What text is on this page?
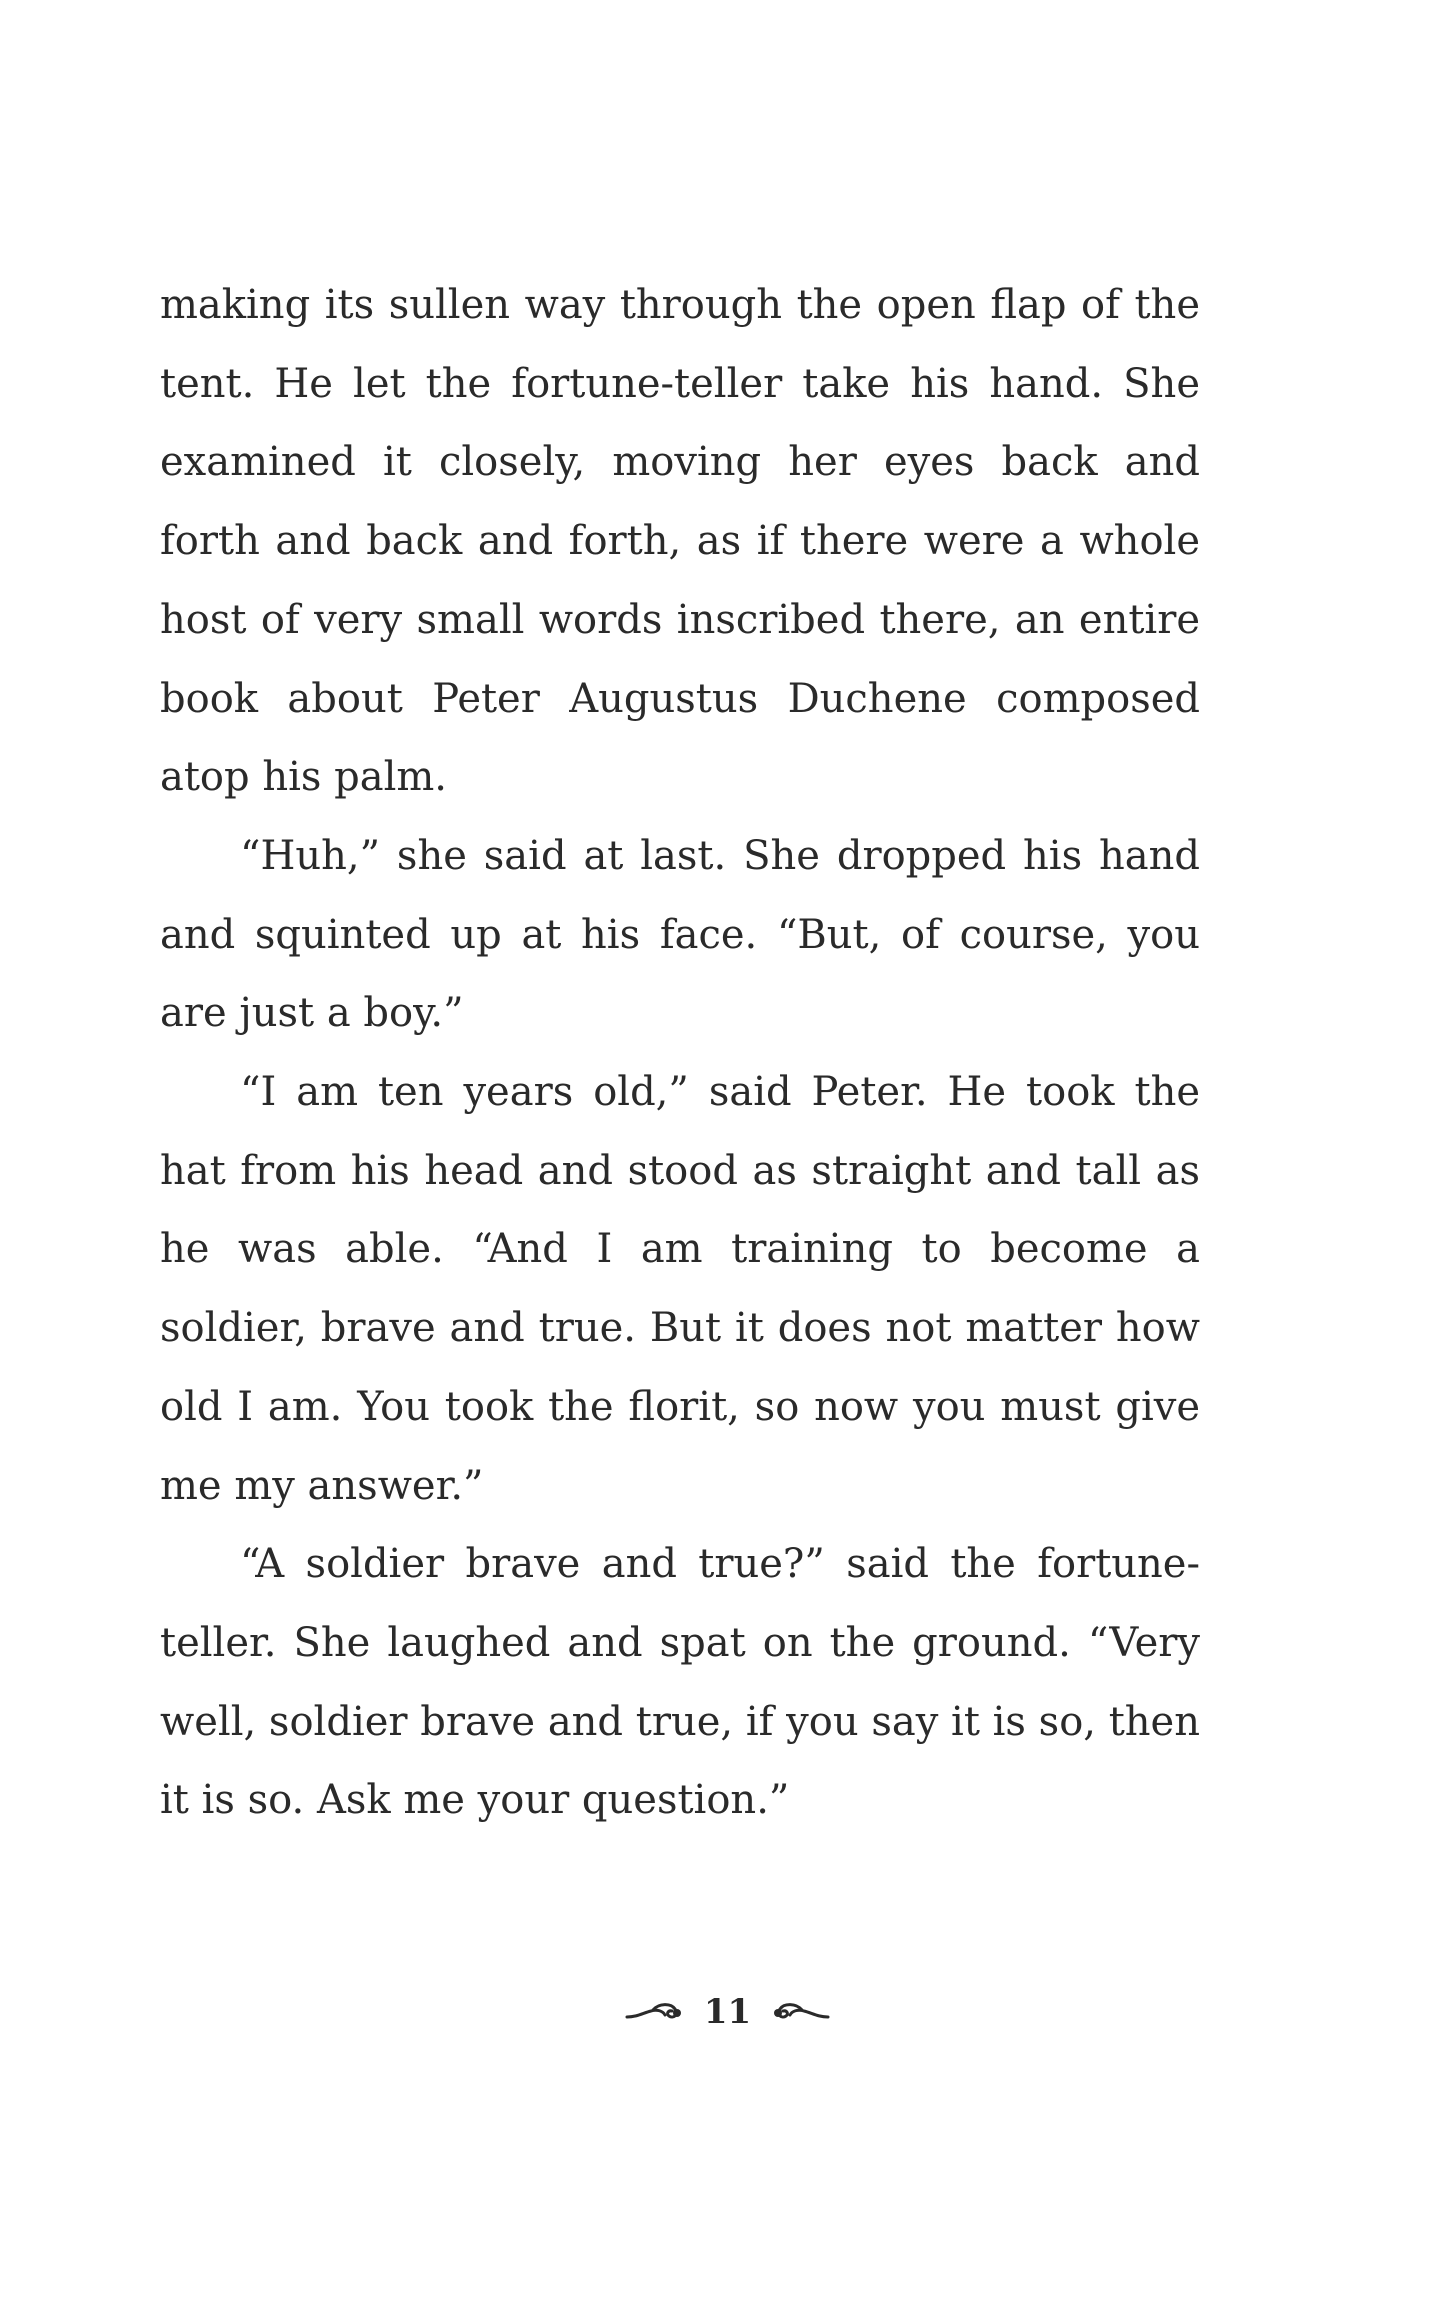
making its sullen way through the open flap of the tent. He let the fortune-teller take his hand. She examined it closely, moving her eyes back and forth and back and forth, as if there were a whole host of very small words inscribed there, an entire book about Peter Augustus Duchene composed atop his palm.

“Huh,” she said at last. She dropped his hand and squinted up at his face. “But, of course, you are just a boy.”

“I am ten years old,” said Peter. He took the hat from his head and stood as straight and tall as he was able. “And I am training to become a soldier, brave and true. But it does not matter how old I am. You took the florit, so now you must give me my answer.”

“A soldier brave and true?” said the fortune-teller. She laughed and spat on the ground. “Very well, soldier brave and true, if you say it is so, then it is so. Ask me your question.”

11
